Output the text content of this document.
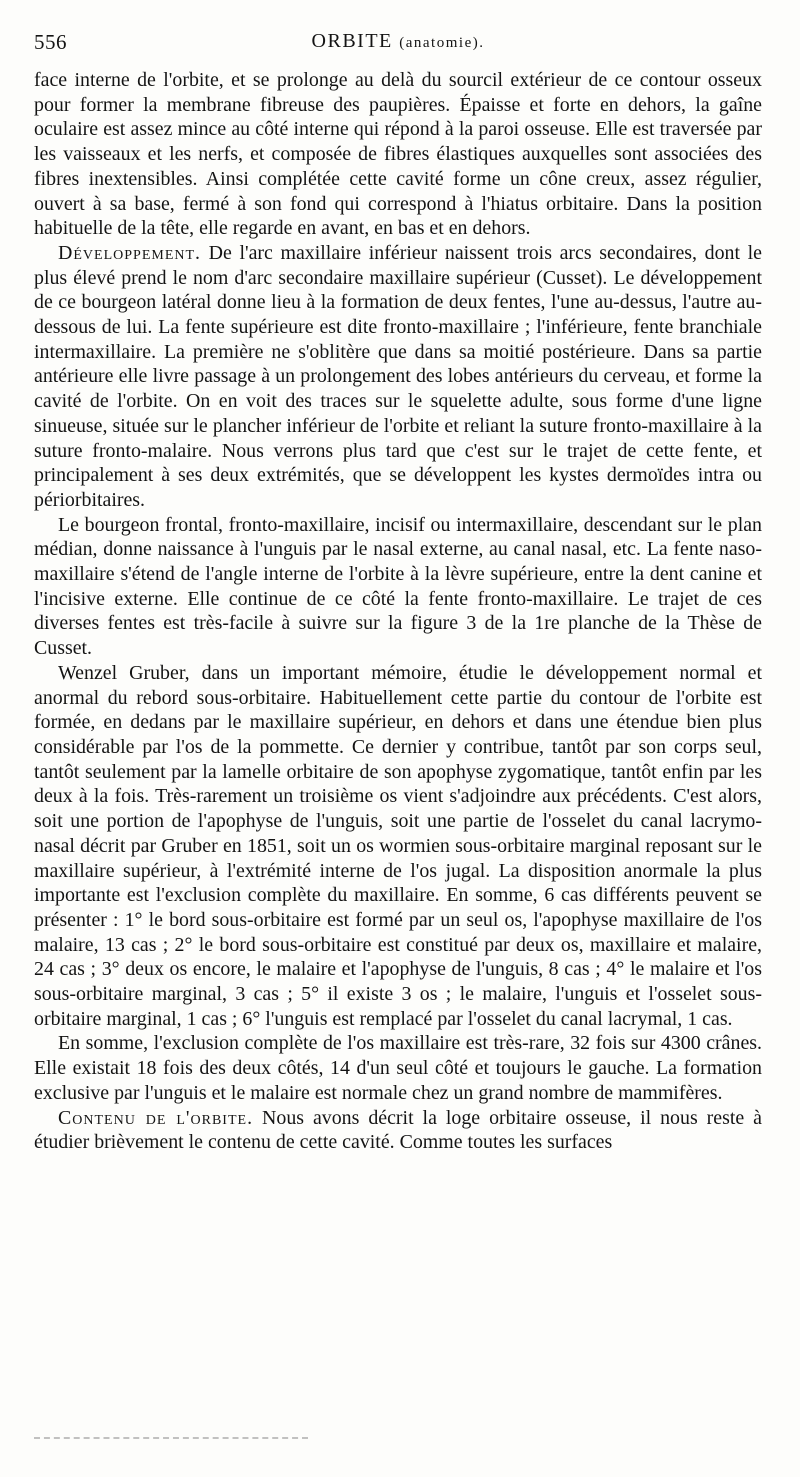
556	ORBITE (anatomie).

face interne de l'orbite, et se prolonge au delà du sourcil extérieur de ce contour osseux pour former la membrane fibreuse des paupières. Épaisse et forte en dehors, la gaîne oculaire est assez mince au côté interne qui répond à la paroi osseuse. Elle est traversée par les vaisseaux et les nerfs, et composée de fibres élastiques auxquelles sont associées des fibres inextensibles. Ainsi complétée cette cavité forme un cône creux, assez régulier, ouvert à sa base, fermé à son fond qui correspond à l'hiatus orbitaire. Dans la position habituelle de la tête, elle regarde en avant, en bas et en dehors.

Développement. De l'arc maxillaire inférieur naissent trois arcs secondaires, dont le plus élevé prend le nom d'arc secondaire maxillaire supérieur (Cusset). Le développement de ce bourgeon latéral donne lieu à la formation de deux fentes, l'une au-dessus, l'autre au-dessous de lui. La fente supérieure est dite fronto-maxillaire ; l'inférieure, fente branchiale intermaxillaire. La première ne s'oblitère que dans sa moitié postérieure. Dans sa partie antérieure elle livre passage à un prolongement des lobes antérieurs du cerveau, et forme la cavité de l'orbite. On en voit des traces sur le squelette adulte, sous forme d'une ligne sinueuse, située sur le plancher inférieur de l'orbite et reliant la suture fronto-maxillaire à la suture fronto-malaire. Nous verrons plus tard que c'est sur le trajet de cette fente, et principalement à ses deux extrémités, que se développent les kystes dermoïdes intra ou périorbitaires.

Le bourgeon frontal, fronto-maxillaire, incisif ou intermaxillaire, descendant sur le plan médian, donne naissance à l'unguis par le nasal externe, au canal nasal, etc. La fente naso-maxillaire s'étend de l'angle interne de l'orbite à la lèvre supérieure, entre la dent canine et l'incisive externe. Elle continue de ce côté la fente fronto-maxillaire. Le trajet de ces diverses fentes est très-facile à suivre sur la figure 3 de la 1re planche de la Thèse de Cusset.

Wenzel Gruber, dans un important mémoire, étudie le développement normal et anormal du rebord sous-orbitaire. Habituellement cette partie du contour de l'orbite est formée, en dedans par le maxillaire supérieur, en dehors et dans une étendue bien plus considérable par l'os de la pommette. Ce dernier y contribue, tantôt par son corps seul, tantôt seulement par la lamelle orbitaire de son apophyse zygomatique, tantôt enfin par les deux à la fois. Très-rarement un troisième os vient s'adjoindre aux précédents. C'est alors, soit une portion de l'apophyse de l'unguis, soit une partie de l'osselet du canal lacrymo-nasal décrit par Gruber en 1851, soit un os wormien sous-orbitaire marginal reposant sur le maxillaire supérieur, à l'extrémité interne de l'os jugal. La disposition anormale la plus importante est l'exclusion complète du maxillaire. En somme, 6 cas différents peuvent se présenter : 1° le bord sous-orbitaire est formé par un seul os, l'apophyse maxillaire de l'os malaire, 13 cas ; 2° le bord sous-orbitaire est constitué par deux os, maxillaire et malaire, 24 cas ; 3° deux os encore, le malaire et l'apophyse de l'unguis, 8 cas ; 4° le malaire et l'os sous-orbitaire marginal, 3 cas ; 5° il existe 3 os ; le malaire, l'unguis et l'osselet sous-orbitaire marginal, 1 cas ; 6° l'unguis est remplacé par l'osselet du canal lacrymal, 1 cas.

En somme, l'exclusion complète de l'os maxillaire est très-rare, 32 fois sur 4300 crânes. Elle existait 18 fois des deux côtés, 14 d'un seul côté et toujours le gauche. La formation exclusive par l'unguis et le malaire est normale chez un grand nombre de mammifères.

Contenu de l'orbite. Nous avons décrit la loge orbitaire osseuse, il nous reste à étudier brièvement le contenu de cette cavité. Comme toutes les surfaces
